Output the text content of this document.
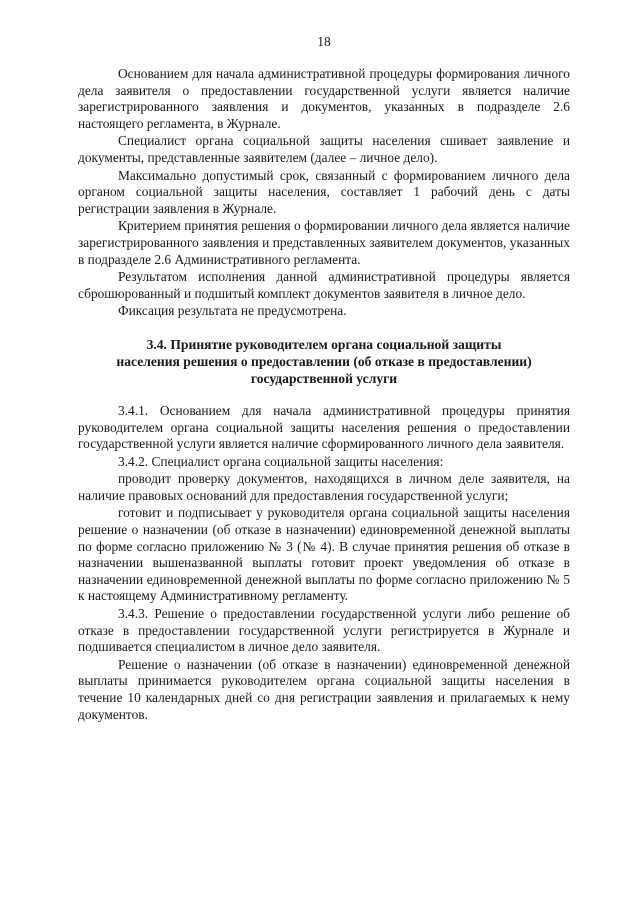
18

Основанием для начала административной процедуры формирования личного дела заявителя о предоставлении государственной услуги является наличие зарегистрированного заявления и документов, указанных в подразделе 2.6 настоящего регламента, в Журнале.

Специалист органа социальной защиты населения сшивает заявление и документы, представленные заявителем (далее – личное дело).

Максимально допустимый срок, связанный с формированием личного дела органом социальной защиты населения, составляет 1 рабочий день с даты регистрации заявления в Журнале.

Критерием принятия решения о формировании личного дела является наличие зарегистрированного заявления и представленных заявителем документов, указанных в подразделе 2.6 Административного регламента.

Результатом исполнения данной административной процедуры является сброшюрованный и подшитый комплект документов заявителя в личное дело.

Фиксация результата не предусмотрена.

3.4. Принятие руководителем органа социальной защиты
населения решения о предоставлении (об отказе в предоставлении)
государственной услуги

3.4.1. Основанием для начала административной процедуры принятия руководителем органа социальной защиты населения решения о предоставлении государственной услуги является наличие сформированного личного дела заявителя.

3.4.2. Специалист органа социальной защиты населения:

проводит проверку документов, находящихся в личном деле заявителя, на наличие правовых оснований для предоставления государственной услуги;

готовит и подписывает у руководителя органа социальной защиты населения решение о назначении (об отказе в назначении) единовременной денежной выплаты по форме согласно приложению № 3 (№ 4). В случае принятия решения об отказе в назначении вышеназванной выплаты готовит проект уведомления об отказе в назначении единовременной денежной выплаты по форме согласно приложению № 5 к настоящему Административному регламенту.

3.4.3. Решение о предоставлении государственной услуги либо решение об отказе в предоставлении государственной услуги регистрируется в Журнале и подшивается специалистом в личное дело заявителя.

Решение о назначении (об отказе в назначении) единовременной денежной выплаты принимается руководителем органа социальной защиты населения в течение 10 календарных дней со дня регистрации заявления и прилагаемых к нему документов.
